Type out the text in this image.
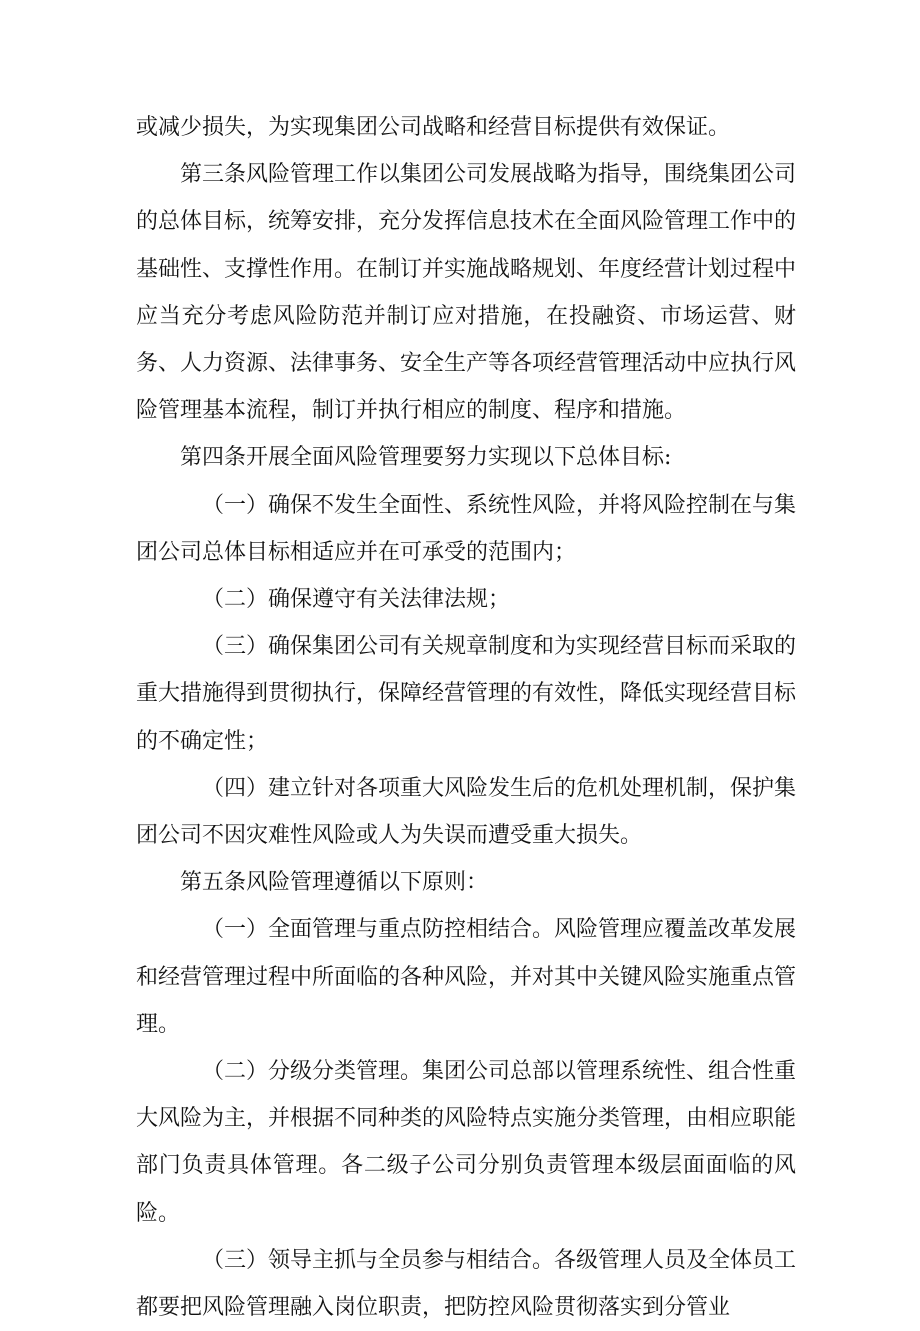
或减少损失，为实现集团公司战略和经营目标提供有效保证。

第三条风险管理工作以集团公司发展战略为指导，围绕集团公司的总体目标，统筹安排，充分发挥信息技术在全面风险管理工作中的基础性、支撑性作用。在制订并实施战略规划、年度经营计划过程中应当充分考虑风险防范并制订应对措施，在投融资、市场运营、财务、人力资源、法律事务、安全生产等各项经营管理活动中应执行风险管理基本流程，制订并执行相应的制度、程序和措施。

第四条开展全面风险管理要努力实现以下总体目标:

（一）确保不发生全面性、系统性风险，并将风险控制在与集团公司总体目标相适应并在可承受的范围内；

（二）确保遵守有关法律法规；

（三）确保集团公司有关规章制度和为实现经营目标而采取的重大措施得到贯彻执行，保障经营管理的有效性，降低实现经营目标的不确定性；

（四）建立针对各项重大风险发生后的危机处理机制，保护集团公司不因灾难性风险或人为失误而遭受重大损失。

第五条风险管理遵循以下原则：

（一）全面管理与重点防控相结合。风险管理应覆盖改革发展和经营管理过程中所面临的各种风险，并对其中关键风险实施重点管理。

（二）分级分类管理。集团公司总部以管理系统性、组合性重大风险为主，并根据不同种类的风险特点实施分类管理，由相应职能部门负责具体管理。各二级子公司分别负责管理本级层面面临的风险。

（三）领导主抓与全员参与相结合。各级管理人员及全体员工都要把风险管理融入岗位职责，把防控风险贯彻落实到分管业
